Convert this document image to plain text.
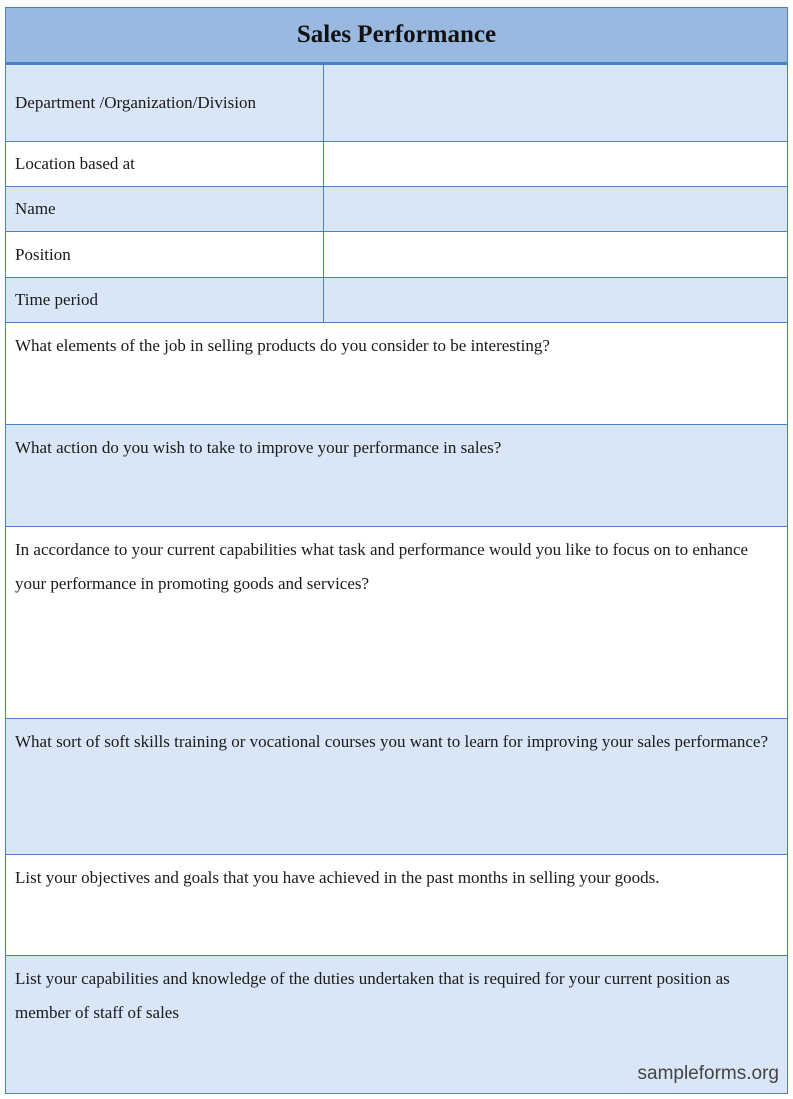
Sales Performance
Department /Organization/Division
Location based at
Name
Position
Time period
What elements of the job in selling products do you consider to be interesting?
What action do you wish to take to improve your performance in sales?
In accordance to your current capabilities what task and performance would you like to focus on to enhance your performance in promoting goods and services?
What sort of soft skills training or vocational courses you want to learn for improving your sales performance?
List your objectives and goals that you have achieved in the past months in selling your goods.
List your capabilities and knowledge of the duties undertaken that is required for your current position as member of staff of sales
sampleforms.org
